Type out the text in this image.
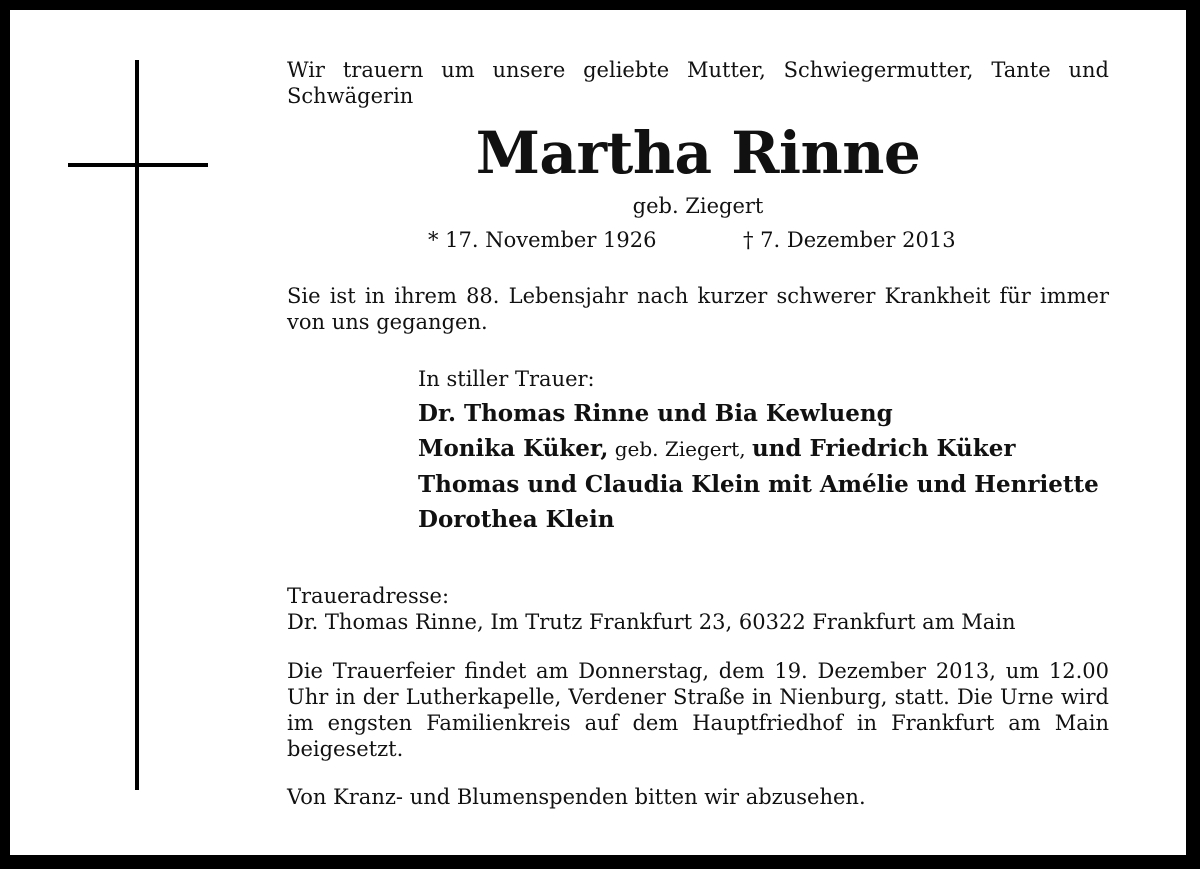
Wir trauern um unsere geliebte Mutter, Schwiegermutter, Tante und Schwägerin
Martha Rinne
geb. Ziegert
* 17. November 1926	† 7. Dezember 2013
Sie ist in ihrem 88. Lebensjahr nach kurzer schwerer Krankheit für immer von uns gegangen.
In stiller Trauer:
Dr. Thomas Rinne und Bia Kewlueng
Monika Küker, geb. Ziegert, und Friedrich Küker
Thomas und Claudia Klein mit Amélie und Henriette
Dorothea Klein
Traueradresse:
Dr. Thomas Rinne, Im Trutz Frankfurt 23, 60322 Frankfurt am Main
Die Trauerfeier findet am Donnerstag, dem 19. Dezember 2013, um 12.00 Uhr in der Lutherkapelle, Verdener Straße in Nienburg, statt. Die Urne wird im engsten Familienkreis auf dem Hauptfriedhof in Frankfurt am Main beigesetzt.
Von Kranz- und Blumenspenden bitten wir abzusehen.
